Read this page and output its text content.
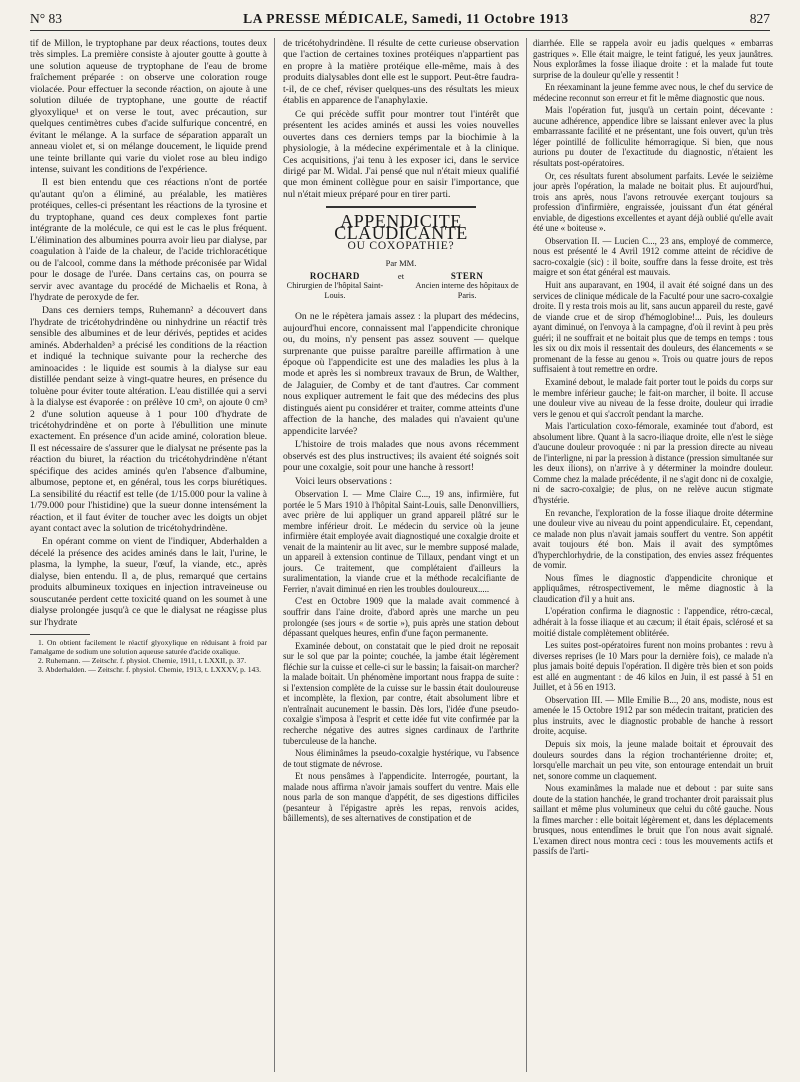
N° 83	LA PRESSE MÉDICALE, Samedi, 11 Octobre 1913	827

tif de Millon, le tryptophane par deux réactions, toutes deux très simples. La première consiste à ajouter goutte à goutte à une solution aqueuse de tryptophane de l'eau de brome fraîchement préparée : on observe une coloration rouge violacée. Pour effectuer la seconde réaction, on ajoute à une solution diluée de tryptophane, une goutte de réactif glyoxylique¹ et on verse le tout, avec précaution, sur quelques centimètres cubes d'acide sulfurique concentré, en évitant le mélange. A la surface de séparation apparaît un anneau violet et, si on mélange doucement, le liquide prend une teinte brillante qui varie du violet rose au bleu indigo intense, suivant les conditions de l'expérience.

Il est bien entendu que ces réactions n'ont de portée qu'autant qu'on a éliminé, au préalable, les matières protéiques, celles-ci présentant les réactions de la tyrosine et du tryptophane, quand ces deux complexes font partie intégrante de la molécule, ce qui est le cas le plus fréquent. L'élimination des albumines pourra avoir lieu par dialyse, par coagulation à l'aide de la chaleur, de l'acide trichloracétique ou de l'alcool, comme dans la méthode préconisée par Widal pour le dosage de l'urée. Dans certains cas, on pourra se servir avec avantage du procédé de Michaelis et Rona, à l'hydrate de peroxyde de fer.

Dans ces derniers temps, Ruhemann² a découvert dans l'hydrate de tricétohydrindène ou ninhydrine un réactif très sensible des albumines et de leur dérivés, peptides et acides aminés. Abderhalden³ a précisé les conditions de la réaction et indiqué la technique suivante pour la recherche des aminoacides : le liquide est soumis à la dialyse sur eau distillée pendant seize à vingt-quatre heures, en présence du toluène pour éviter toute altération. L'eau distillée qui a servi à la dialyse est évaporée : on prélève 10 cm³, on ajoute 0 cm³ 2 d'une solution aqueuse à 1 pour 100 d'hydrate de tricétohydrindène et on porte à l'ébullition une minute exactement. En présence d'un acide aminé, coloration bleue. Il est nécessaire de s'assurer que le dialysat ne présente pas la réaction du biuret, la réaction du tricétohydrindène n'étant spécifique des acides aminés qu'en l'absence d'albumine, albumose, peptone et, en général, tous les corps biurétiques. La sensibilité du réactif est telle (de 1/15.000 pour la valine à 1/79.000 pour l'histidine) que la sueur donne intensément la réaction, et il faut éviter de toucher avec les doigts un objet ayant contact avec la solution de tricétohydrindène.

En opérant comme on vient de l'indiquer, Abderhalden a décelé la présence des acides aminés dans le lait, l'urine, le plasma, la lymphe, la sueur, l'œuf, la viande, etc., après dialyse, bien entendu. Il a, de plus, remarqué que certains produits albumineux toxiques en injection intraveineuse ou souscutanée perdent cette toxicité quand on les soumet à une dialyse prolongée jusqu'à ce que le dialysat ne réagisse plus sur l'hydrate

1. On obtient facilement le réactif glyoxylique en réduisant à froid par l'amalgame de sodium une solution aqueuse saturée d'acide oxalique.

2. Ruhemann. — Zeitschr. f. physiol. Chemie, 1911, t. LXXII, p. 37.

3. Abderhalden. — Zeitschr. f. physiol. Chemie, 1913, t. LXXXV, p. 143.

de tricétohydrindène. Il résulte de cette curieuse observation que l'action de certaines toxines protéiques n'appartient pas en propre à la matière protéique elle-même, mais à des produits dialysables dont elle est le support. Peut-être faudra-t-il, de ce chef, réviser quelques-uns des résultats les mieux établis en apparence de l'anaphylaxie.

Ce qui précède suffit pour montrer tout l'intérêt que présentent les acides aminés et aussi les voies nouvelles ouvertes dans ces derniers temps par la biochimie à la physiologie, à la médecine expérimentale et à la clinique. Ces acquisitions, j'ai tenu à les exposer ici, dans le service dirigé par M. Widal. J'ai pensé que nul n'était mieux qualifié que mon éminent collègue pour en saisir l'importance, que nul n'était mieux préparé pour en tirer parti.

APPENDICITE CLAUDICANTE
OU COXOPATHIE?
Par MM.
ROCHARD
Chirurgien de l'hôpital Saint-Louis.
et	STERN
Ancien interne des hôpitaux de Paris.

On ne le répètera jamais assez : la plupart des médecins, aujourd'hui encore, connaissent mal l'appendicite chronique ou, du moins, n'y pensent pas assez souvent — quelque surprenante que puisse paraître pareille affirmation à une époque où l'appendicite est une des maladies les plus à la mode et après les si nombreux travaux de Brun, de Walther, de Jalaguier, de Comby et de tant d'autres. Car comment nous expliquer autrement le fait que des médecins des plus distingués aient pu considérer et traiter, comme atteints d'une affection de la hanche, des malades qui n'avaient qu'une appendicite larvée?

L'histoire de trois malades que nous avons récemment observés est des plus instructives; ils avaient été soignés soit pour une coxalgie, soit pour une hanche à ressort!

Voici leurs observations :

Observation I. — Mme Claire C..., 19 ans, infirmière, fut portée le 5 Mars 1910 à l'hôpital Saint-Louis, salle Denonvilliers, avec prière de lui appliquer un grand appareil plâtré sur le membre inférieur droit. Le médecin du service où la jeune infirmière était employée avait diagnostiqué une coxalgie droite et venait de la maintenir au lit avec, sur le membre supposé malade, un appareil à extension continue de Tillaux, pendant vingt et un jours. Ce traitement, que complétaient d'ailleurs la suralimentation, la viande crue et la méthode recalcifiante de Ferrier, n'avait diminué en rien les troubles douloureux.....

C'est en Octobre 1909 que la malade avait commencé à souffrir dans l'aine droite, d'abord après une marche un peu prolongée (ses jours « de sortie »), puis après une station debout dépassant quelques heures, enfin d'une façon permanente.

Examinée debout, on constatait que le pied droit ne reposait sur le sol que par la pointe; couchée, la jambe était légèrement fléchie sur la cuisse et celle-ci sur le bassin; la faisait-on marcher? la malade boitait. Un phénomène important nous frappa de suite : si l'extension complète de la cuisse sur le bassin était douloureuse et incomplète, la flexion, par contre, était absolument libre et n'entraînait aucunement le bassin. Dès lors, l'idée d'une pseudo-coxalgie s'imposa à l'esprit et cette idée fut vite confirmée par la recherche négative des autres signes cardinaux de l'arthrite tuberculeuse de la hanche.

Nous éliminâmes la pseudo-coxalgie hystérique, vu l'absence de tout stigmate de névrose.

Et nous pensâmes à l'appendicite. Interrogée, pourtant, la malade nous affirma n'avoir jamais souffert du ventre. Mais elle nous parla de son manque d'appétit, de ses digestions difficiles (pesanteur à l'épigastre après les repas, renvois acides, bâillements), de ses alternatives de constipation et de

diarrhée. Elle se rappela avoir eu jadis quelques « embarras gastriques ». Elle était maigre, le teint fatigué, les yeux jaunâtres. Nous explorâmes la fosse iliaque droite : et la malade fut toute surprise de la douleur qu'elle y ressentit !

En réexaminant la jeune femme avec nous, le chef du service de médecine reconnut son erreur et fit le même diagnostic que nous.

Mais l'opération fut, jusqu'à un certain point, décevante : aucune adhérence, appendice libre se laissant enlever avec la plus embarrassante facilité et ne présentant, une fois ouvert, qu'un très léger pointillé de folliculite hémorragique. Si bien, que nous aurions pu douter de l'exactitude du diagnostic, n'étaient les résultats post-opératoires.

Or, ces résultats furent absolument parfaits. Levée le seizième jour après l'opération, la malade ne boitait plus. Et aujourd'hui, trois ans après, nous l'avons retrouvée exerçant toujours sa profession d'infirmière, engraissée, jouissant d'un état général enviable, de digestions excellentes et ayant déjà oublié qu'elle avait été une « boiteuse ».

Observation II. — Lucien C..., 23 ans, employé de commerce, nous est présenté le 4 Avril 1912 comme atteint de récidive de sacro-coxalgie (sic) : il boite, souffre dans la fesse droite, est très maigre et son état général est mauvais.

Huit ans auparavant, en 1904, il avait été soigné dans un des services de clinique médicale de la Faculté pour une sacro-coxalgie droite. Il y resta trois mois au lit, sans aucun appareil du reste, gavé de viande crue et de sirop d'hémoglobine!... Puis, les douleurs ayant diminué, on l'envoya à la campagne, d'où il revint à peu près guéri; il ne souffrait et ne boitait plus que de temps en temps : tous les six ou dix mois il ressentait des douleurs, des élancements « se promenant de la fesse au genou ». Trois ou quatre jours de repos suffisaient à tout remettre en ordre.

Examiné debout, le malade fait porter tout le poids du corps sur le membre inférieur gauche; le fait-on marcher, il boite. Il accuse une douleur vive au niveau de la fesse droite, douleur qui irradie vers le genou et qui s'accroît pendant la marche.

Mais l'articulation coxo-fémorale, examinée tout d'abord, est absolument libre. Quant à la sacro-iliaque droite, elle n'est le siège d'aucune douleur provoquée : ni par la pression directe au niveau de l'interligne, ni par la pression à distance (pression simultanée sur les deux ilions), on n'arrive à y déterminer la moindre douleur. Comme chez la malade précédente, il ne s'agit donc ni de coxalgie, ni de sacro-coxalgie; de plus, on ne relève aucun stigmate d'hystérie.

En revanche, l'exploration de la fosse iliaque droite détermine une douleur vive au niveau du point appendiculaire. Et, cependant, ce malade non plus n'avait jamais souffert du ventre. Son appétit avait toujours été bon. Mais il avait des symptômes d'hyperchlorhydrie, de la constipation, des envies assez fréquentes de vomir.

Nous fîmes le diagnostic d'appendicite chronique et appliquâmes, rétrospectivement, le même diagnostic à la claudication d'il y a huit ans.

L'opération confirma le diagnostic : l'appendice, rétro-cæcal, adhérait à la fosse iliaque et au cæcum; il était épais, sclérosé et sa moitié distale complètement oblitérée.

Les suites post-opératoires furent non moins probantes : revu à diverses reprises (le 10 Mars pour la dernière fois), ce malade n'a plus jamais boité depuis l'opération. Il digère très bien et son poids est allé en augmentant : de 46 kilos en Juin, il est passé à 51 en Juillet, et à 56 en 1913.

Observation III. — Mlle Emilie B..., 20 ans, modiste, nous est amenée le 15 Octobre 1912 par son médecin traitant, praticien des plus instruits, avec le diagnostic probable de hanche à ressort droite, acquise.

Depuis six mois, la jeune malade boitait et éprouvait des douleurs sourdes dans la région trochantérienne droite; et, lorsqu'elle marchait un peu vite, son entourage entendait un bruit net, sonore comme un claquement.

Nous examinâmes la malade nue et debout : par suite sans doute de la station hanchée, le grand trochanter droit paraissait plus saillant et même plus volumineux que celui du côté gauche. Nous la fîmes marcher : elle boitait légèrement et, dans les déplacements brusques, nous entendîmes le bruit que l'on nous avait signalé. L'examen direct nous montra ceci : tous les mouvements actifs et passifs de l'arti-
